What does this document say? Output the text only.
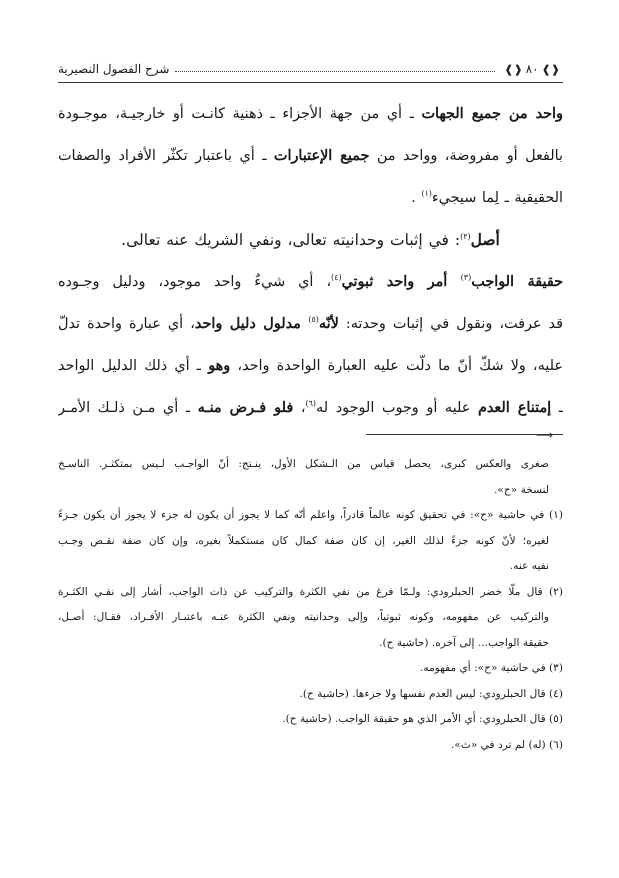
❰❱
٨٠
❰❱
شرح الفصول النصيرية
واحد من جميع الجهات ـ أي من جهة الأجزاء ـ ذهنية كانـت أو خارجيـة، موجـودة
بالفعل أو مفروضة، وواحد من جميع الإعتبارات ـ أي باعتبار تكثّر الأفراد والصفات
الحقيقية ـ لِما سيجيء$^{(١)}$ .
أصل$^{(٢)}$: في إثبات وحدانيته تعالى، ونفي الشريك عنه تعالى.
حقيقة الواجب$^{(٣)}$ أمر واحد ثبوتي$^{(٤)}$، أي شيءٌ واحد موجود، ودليل وجـوده
قد عرفت، ونقول في إثبات وحدته: لأنّه$^{(٥)}$ مدلول دليل واحد، أي عبارة واحدة تدلّ
عليه، ولا شكّ أنّ ما دلّت عليه العبارة الواحدة واحد، وهو ـ أي ذلك الدليل الواحد
ـ إمتناع العدم عليه أو وجوب الوجود له$^{(٦)}$، فلو فـرض منـه ـ أي مـن ذلـك الأمـر
⟶
صغرى والعكس كبرى، يحصل قياس من الـشكل الأول، ينـتج: أنّ الواجـب لـيس بمتكثـر. الناسـخ
لنسخة «ح».
(١) في حاشية «ح»: في تحقيق كونه عالماً قادراً، واعلم أنّه كما لا يجوز أن يكون له جزء لا يجوز أن يكون جـزءً
لغيره؛ لأنّ كونه جزءً لذلك الغير، إن كان صفة كمال كان مستكملاً بغيره، وإن كان صفة نقـص وجـب
نفيه عنه.
(٢) قال ملّا خضر الحبلرودي: ولـمّا فرغ من نفي الكثرة والتركيب عن ذات الواجب، أشار إلى نفـي الكثـرة
والتركيب عن مفهومه، وكونه ثبوتياً، وإلى وحدانيته ونفي الكثرة عنـه باعتبـار الأفـراد، فقـال: أصـل،
حقيقة الواجب... إلى آخره. (حاشية ح).
(٣) في حاشية «ح»: أي مفهومه.
(٤) قال الحبلرودي: ليس العدم نفسها ولا جزءها. (حاشية ح).
(٥) قال الحبلرودي: أي الأمر الذي هو حقيقة الواجب. (حاشية ح).
(٦) (له) لم ترد في «ث».
